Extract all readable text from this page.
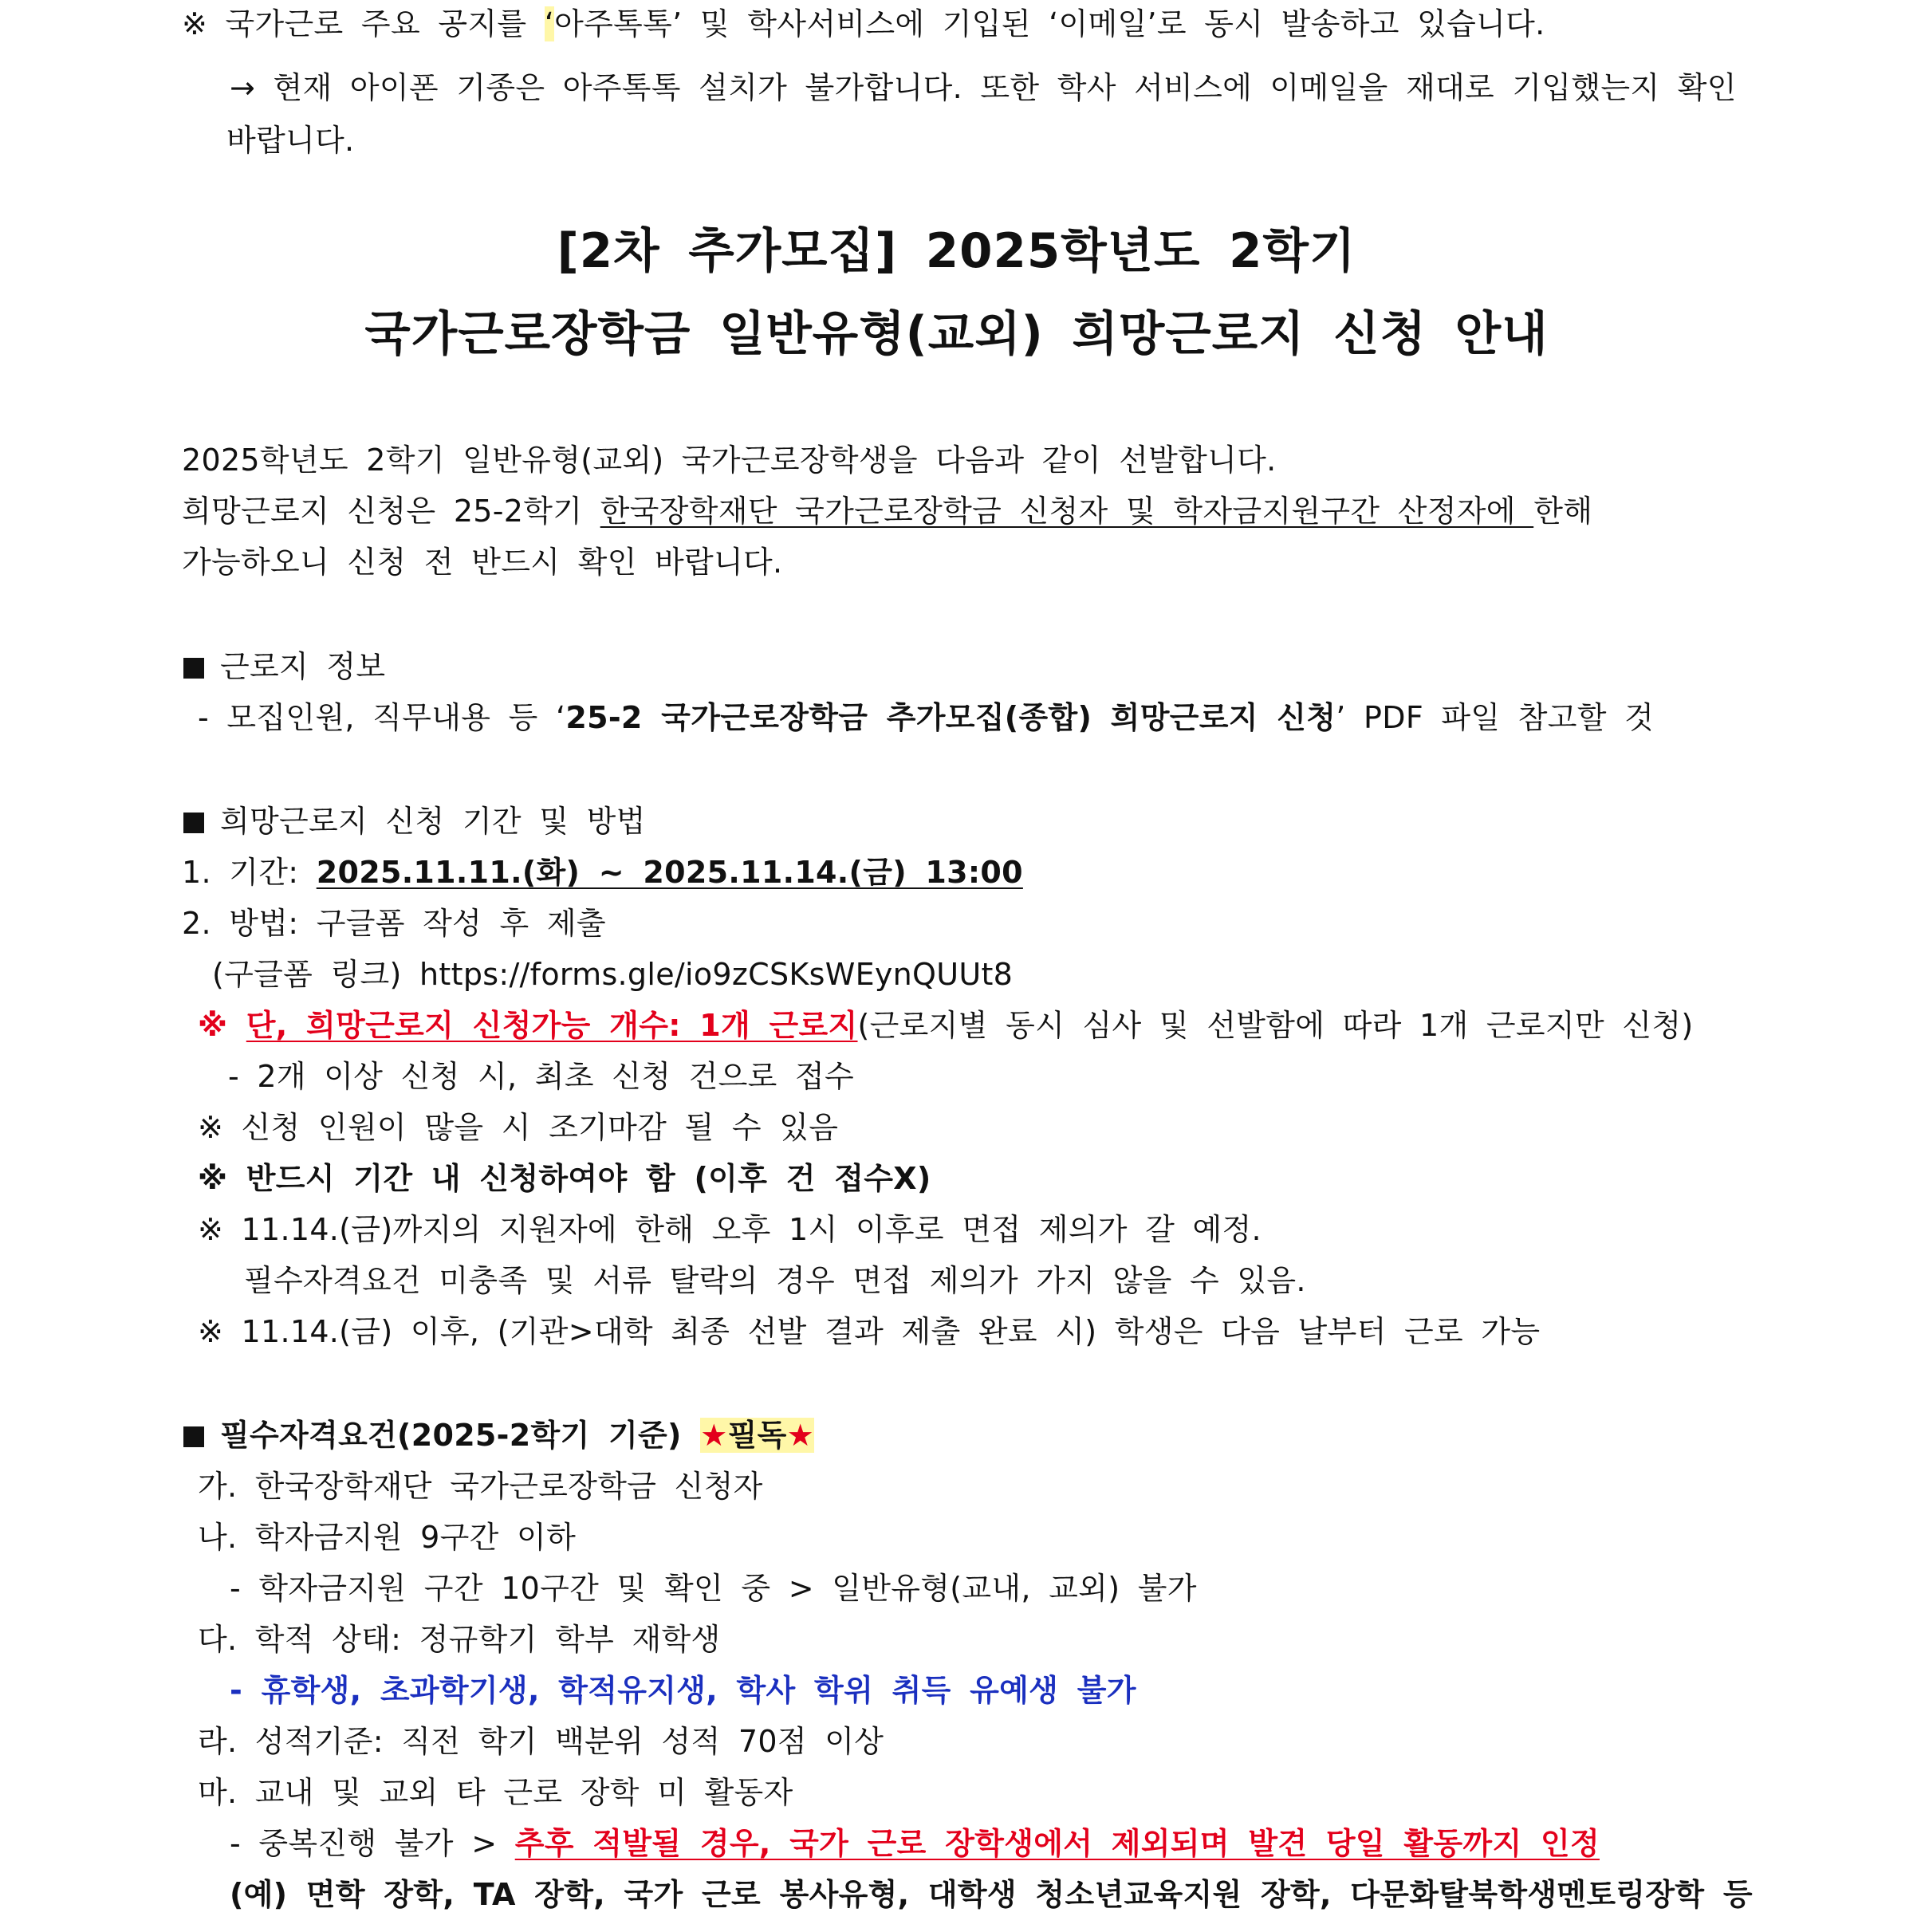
※ 국가근로 주요 공지를 ‘아주톡톡’ 및 학사서비스에 기입된 ‘이메일’로 동시 발송하고 있습니다.
→ 현재 아이폰 기종은 아주톡톡 설치가 불가합니다. 또한 학사 서비스에 이메일을 재대로 기입했는지 확인
바랍니다.
[2차 추가모집] 2025학년도 2학기
국가근로장학금 일반유형(교외) 희망근로지 신청 안내
2025학년도 2학기 일반유형(교외) 국가근로장학생을 다음과 같이 선발합니다.
희망근로지 신청은 25-2학기 한국장학재단 국가근로장학금 신청자 및 학자금지원구간 산정자에 한해
가능하오니 신청 전 반드시 확인 바랍니다.
근로지 정보
- 모집인원, 직무내용 등 ‘25-2 국가근로장학금 추가모집(종합) 희망근로지 신청’ PDF 파일 참고할 것
희망근로지 신청 기간 및 방법
1. 기간: 2025.11.11.(화) ~ 2025.11.14.(금) 13:00
2. 방법: 구글폼 작성 후 제출
(구글폼 링크) https://forms.gle/io9zCSKsWEynQUUt8
※ 단, 희망근로지 신청가능 개수: 1개 근로지(근로지별 동시 심사 및 선발함에 따라 1개 근로지만 신청)
- 2개 이상 신청 시, 최초 신청 건으로 접수
※ 신청 인원이 많을 시 조기마감 될 수 있음
※ 반드시 기간 내 신청하여야 함 (이후 건 접수X)
※ 11.14.(금)까지의 지원자에 한해 오후 1시 이후로 면접 제의가 갈 예정.
필수자격요건 미충족 및 서류 탈락의 경우 면접 제의가 가지 않을 수 있음.
※ 11.14.(금) 이후, (기관>대학 최종 선발 결과 제출 완료 시) 학생은 다음 날부터 근로 가능
필수자격요건(2025-2학기 기준) ★필독★
가. 한국장학재단 국가근로장학금 신청자
나. 학자금지원 9구간 이하
- 학자금지원 구간 10구간 및 확인 중 > 일반유형(교내, 교외) 불가
다. 학적 상태: 정규학기 학부 재학생
- 휴학생, 초과학기생, 학적유지생, 학사 학위 취득 유예생 불가
라. 성적기준: 직전 학기 백분위 성적 70점 이상
마. 교내 및 교외 타 근로 장학 미 활동자
- 중복진행 불가 > 추후 적발될 경우, 국가 근로 장학생에서 제외되며 발견 당일 활동까지 인정
(예) 면학 장학, TA 장학, 국가 근로 봉사유형, 대학생 청소년교육지원 장학, 다문화탈북학생멘토링장학 등
